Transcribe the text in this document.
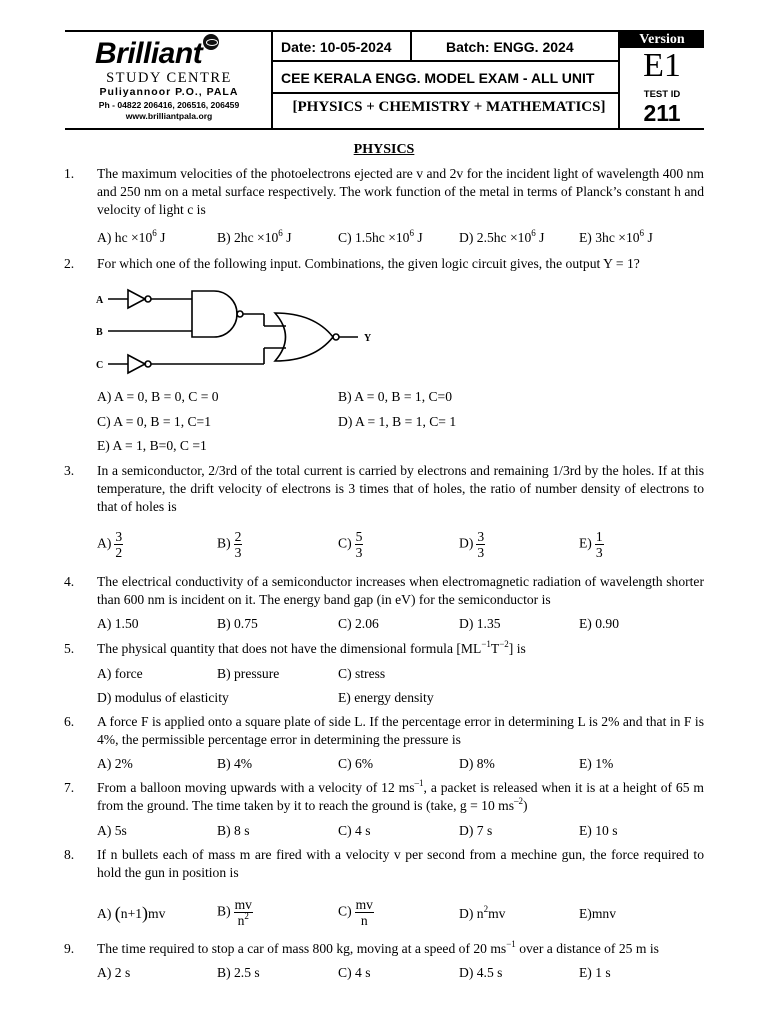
Brilliant
STUDY CENTRE
Puliyannoor P.O., PALA
Ph - 04822 206416, 206516, 206459
www.brilliantpala.org
Date: 10-05-2024	Batch: ENGG. 2024
CEE KERALA ENGG. MODEL EXAM - ALL UNIT
[PHYSICS + CHEMISTRY + MATHEMATICS]
Version
E1
TEST ID
211
PHYSICS
1. The maximum velocities of the photoelectrons ejected are v and 2v for the incident light of wavelength 400 nm and 250 nm on a metal surface respectively. The work function of the metal in terms of Planck’s constant h and velocity of light c is
A) hc $\times 10^6$ J	B) $2hc \times 10^6$ J	C) $1.5hc \times 10^6$ J	D) $2.5hc \times 10^6$ J	E) $3hc \times 10^6$ J
2. For which one of the following input. Combinations, the given logic circuit gives, the output Y = 1?
A
B
C
Y
A) A = 0, B = 0, C = 0	B) A = 0, B = 1, C=0
C) A = 0, B = 1, C=1	D) A = 1, B = 1, C= 1
E) A = 1, B=0, C =1
3. In a semiconductor, 2/3rd of the total current is carried by electrons and remaining 1/3rd by the holes. If at this temperature, the drift velocity of electrons is 3 times that of holes, the ratio of number density of electrons to that of holes is
$A) \frac{3}{2}$	$B) \frac{2}{3}$	$C) \frac{5}{3}$	$D) \frac{3}{3}$	$E) \frac{1}{3}$
4. The electrical conductivity of a semiconductor increases when electromagnetic radiation of wavelength shorter than 600 nm is incident on it. The energy band gap (in eV) for the semiconductor is
A) 1.50	B) 0.75	C) 2.06	D) 1.35	E) 0.90
5. The physical quantity that does not have the dimensional formula $[ML^{-1}T^{-2}]$ is
A) force	B) pressure	C) stress
D) modulus of elasticity	E) energy density
6. A force F is applied onto a square plate of side L. If the percentage error in determining L is 2% and that in F is 4%, the permissible percentage error in determining the pressure is
A) 2%	B) 4%	C) 6%	D) 8%	E) 1%
7. From a balloon moving upwards with a velocity of 12 $ms^{-1}$, a packet is released when it is at a height of 65 m from the ground. The time taken by it to reach the ground is (take, g = 10 $ms^{-2}$)
A) 5s	B) 8 s	C) 4 s	D) 7 s	E) 10 s
8. If n bullets each of mass m are fired with a velocity v per second from a mechine gun, the force required to hold the gun in position is
A) (n+1)mv	$B) \frac{mv}{n^2}$	$C) \frac{mv}{n}$	D) $n^2mv$	E)mnv
9. The time required to stop a car of mass 800 kg, moving at a speed of 20 $ms^{-1}$ over a distance of 25 m is
A) 2 s	B) 2.5 s	C) 4 s	D) 4.5 s	E) 1 s
